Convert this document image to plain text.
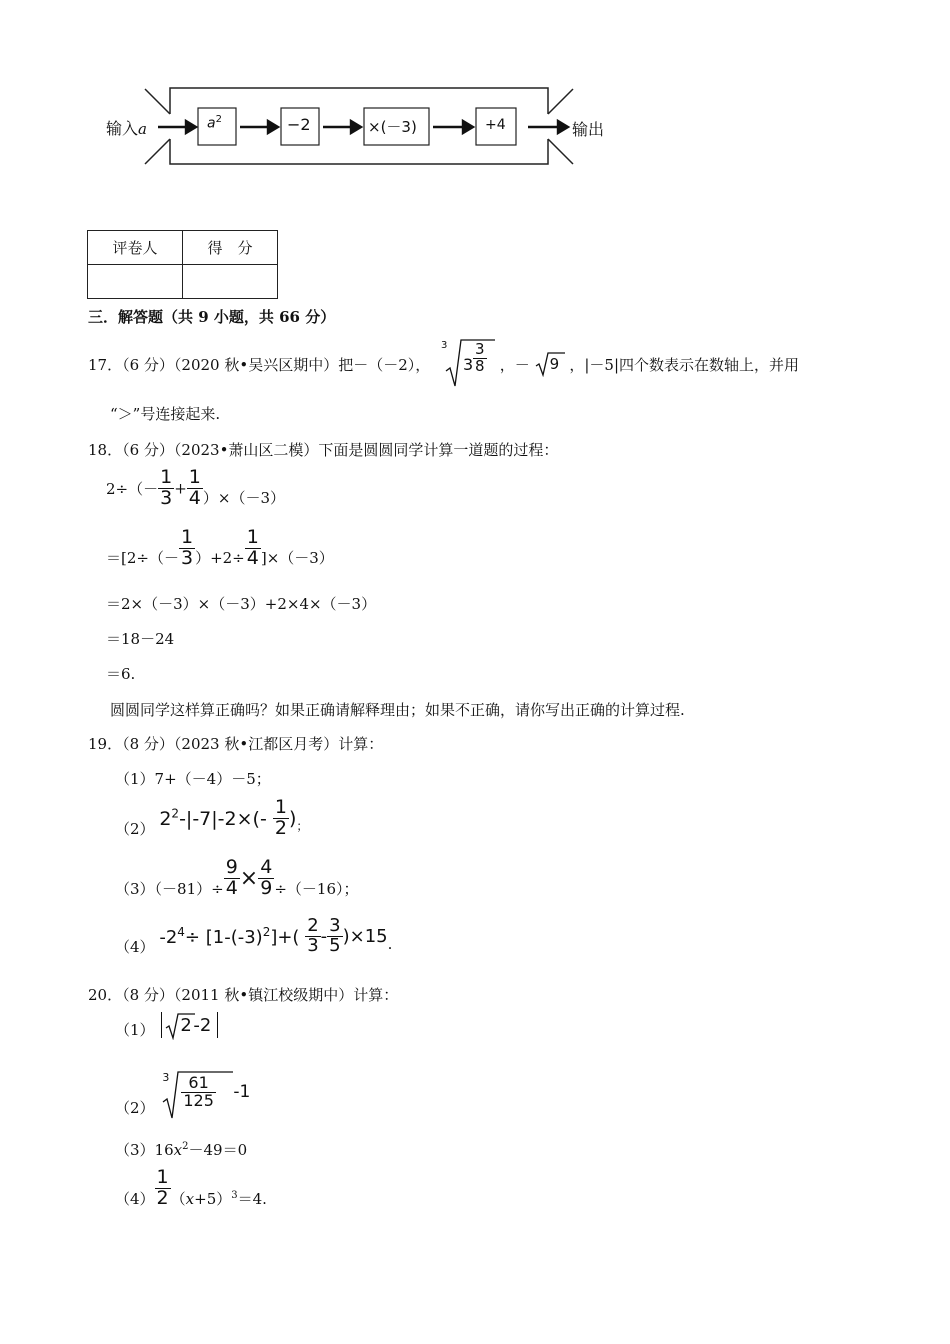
输入a	$a^2$	−2	×(－3)	+4	输出
评卷人	得　分

三．解答题（共 9 小题，共 66 分）
17．（6 分）（2020 秋•吴兴区期中）把－（－2），
3
$3 \frac{3}{8}$ ，－ 9 ，|－5|四个数表示在数轴上，并用
“＞”号连接起来.
18．（6 分）（2023•萧山区二模）下面是圆圆同学计算一道题的过程：
$2\div(- \frac{1}{3} + \frac{1}{4} )\times(-3)$
$=[2\div(- \frac{1}{3} )+2\div \frac{1}{4} ]\times(-3)$
＝2×（－3）×（－3）+2×4×（－3）
＝18－24
＝6.
圆圆同学这样算正确吗？如果正确请解释理由；如果不正确，请你写出正确的计算过程.
19．（8 分）（2023 秋•江都区月考）计算：
（1）7+（－4）－5；
（2） $2^2-|-7|-2\times(- \frac{1}{2}$ )；
$(3)(-81)\div \frac{9}{4} \times \frac{4}{9} \div(-16)$；
（4） $-2^4\div [1-(-3)^2]+( \frac{2}{3} - \frac{3}{5} )\times 15$.
20．（8 分）（2011 秋•镇江校级期中）计算：
（1） 2 -2
（2）
$3 \frac{61}{125} -1$
$(3)16x^2-49=0$
$(4) \frac{1}{2} (x+5)^3=4$.
